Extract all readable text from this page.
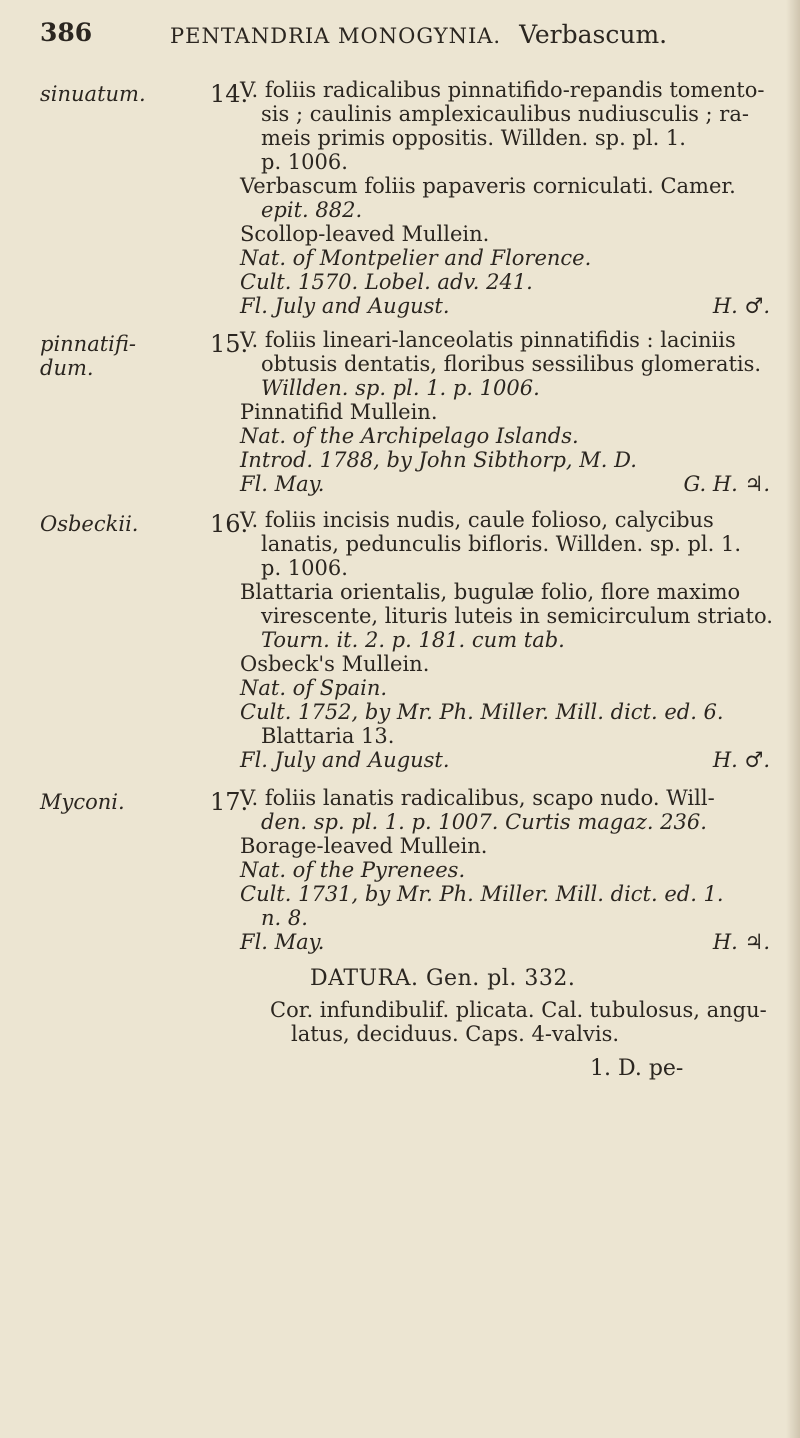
386	PENTANDRIA MONOGYNIA. Verbascum.
sinuatum.	14.
V. foliis radicalibus pinnatifido-repandis tomento-
sis ; caulinis amplexicaulibus nudiusculis ; ra-
meis primis oppositis. Willden. sp. pl. 1.
p. 1006.
Verbascum foliis papaveris corniculati. Camer.
epit. 882.
Scollop-leaved Mullein.
Nat. of Montpelier and Florence.
Cult. 1570. Lobel. adv. 241.
Fl. July and August.	H. ♂.
pinnatifi-
dum.
15.
V. foliis lineari-lanceolatis pinnatifidis : laciniis
obtusis dentatis, floribus sessilibus glomeratis.
Willden. sp. pl. 1. p. 1006.
Pinnatifid Mullein.
Nat. of the Archipelago Islands.
Introd. 1788, by John Sibthorp, M. D.
Fl. May.	G. H. ♃.
Osbeckii.	16.
V. foliis incisis nudis, caule folioso, calycibus
lanatis, pedunculis bifloris. Willden. sp. pl. 1.
p. 1006.
Blattaria orientalis, bugulæ folio, flore maximo
virescente, lituris luteis in semicirculum striato.
Tourn. it. 2. p. 181. cum tab.
Osbeck's Mullein.
Nat. of Spain.
Cult. 1752, by Mr. Ph. Miller. Mill. dict. ed. 6.
Blattaria 13.
Fl. July and August.	H. ♂.
Myconi.	17.
V. foliis lanatis radicalibus, scapo nudo. Will-
den. sp. pl. 1. p. 1007. Curtis magaz. 236.
Borage-leaved Mullein.
Nat. of the Pyrenees.
Cult. 1731, by Mr. Ph. Miller. Mill. dict. ed. 1.
n. 8.
Fl. May.	H. ♃.
DATURA. Gen. pl. 332.
Cor. infundibulif. plicata. Cal. tubulosus, angu-
latus, deciduus. Caps. 4-valvis.
1. D. pe-
